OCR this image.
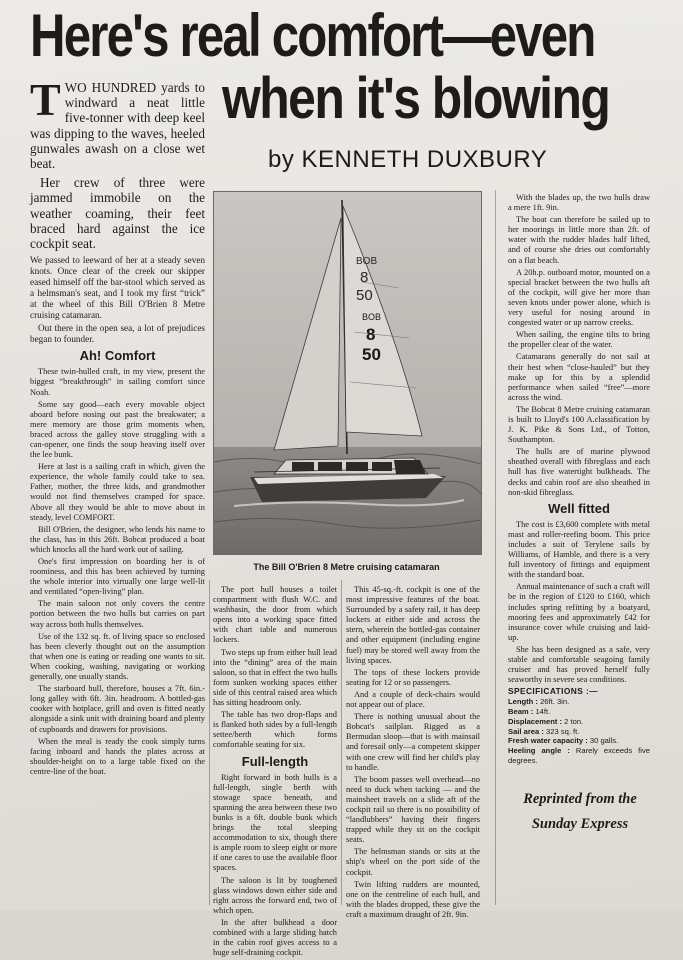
Here's real comfort—even
when it's blowing
by KENNETH DUXBURY

T WO HUNDRED yards to windward a neat little five-tonner with deep keel was dipping to the waves, heeled gunwales awash on a close wet beat.

Her crew of three were jammed immobile on the weather coaming, their feet braced hard against the ice cockpit seat.

We passed to leeward of her at a steady seven knots. Once clear of the creek our skipper eased himself off the bar-stool which served as a helmsman's seat, and I took my first “trick” at the wheel of this Bill O'Brien 8 Metre cruising catamaran.

Out there in the open sea, a lot of prejudices began to founder.

Ah! Comfort

These twin-hulled craft, in my view, present the biggest “breakthrough” in sailing comfort since Noah.

Some say good—each every movable object aboard before nosing out past the breakwater; a mere memory are those grim moments when, braced across the galley stove struggling with a can-opener, one finds the soup heaving itself over the lee bunk.

Here at last is a sailing craft in which, given the experience, the whole family could take to sea. Father, mother, the three kids, and grandmother would not find themselves cramped for space. Above all they would be able to move about in steady, level COMFORT.

Bill O'Brien, the designer, who lends his name to the class, has in this 26ft. Bobcat produced a boat which knocks all the hard work out of sailing.

One's first impression on boarding her is of roominess, and this has been achieved by turning the whole interior into virtually one large well-lit and ventilated “open-living” plan.

The main saloon not only covers the centre portion between the two hulls but carries on part way across both hulls themselves.

Use of the 132 sq. ft. of living space so enclosed has been cleverly thought out on the assumption that when one is eating or reading one wants to sit. When cooking, washing, navigating or working generally, one usually stands.

The starboard hull, therefore, houses a 7ft. 6in.-long galley with 6ft. 3in. headroom. A bottled-gas cooker with hotplace, grill and oven is fitted neatly alongside a sink unit with draining board and plenty of cupboards and drawers for provisions.

When the meal is ready the cook simply turns facing inboard and hands the plates across at shoulder-height on to a large table fixed on the centre-line of the boat.

BOB
8
50
BOB
8
50
The Bill O'Brien 8 Metre cruising catamaran

The port hull houses a toilet compartment with flush W.C. and washbasin, the door from which opens into a working space fitted with chart table and numerous lockers.

Two steps up from either hull lead into the “dining” area of the main saloon, so that in effect the two hulls form sunken working spaces either side of this central raised area which has sitting headroom only.

The table has two drop-flaps and is flanked both sides by a full-length settee/berth which forms comfortable seating for six.

Full-length

Right forward in both hulls is a full-length, single berth with stowage space beneath, and spanning the area between these two bunks is a 6ft. double bunk which brings the total sleeping accommodation to six, though there is ample room to sleep eight or more if one cares to use the available floor spaces.

The saloon is lit by toughened glass windows down either side and right across the forward end, two of which open.

In the after bulkhead a door combined with a large sliding hatch in the cabin roof gives access to a huge self-draining cockpit.

This 45-sq.-ft. cockpit is one of the most impressive features of the boat. Surrounded by a safety rail, it has deep lockers at either side and across the stern, wherein the bottled-gas container and other equipment (including engine fuel) may be stored well away from the living spaces.

The tops of these lockers provide seating for 12 or so passengers.

And a couple of deck-chairs would not appear out of place.

There is nothing unusual about the Bobcat's sailplan. Rigged as a Bermudan sloop—that is with mainsail and foresail only—a competent skipper with one crew will find her child's play to handle.

The boom passes well overhead—no need to duck when tacking — and the mainsheet travels on a slide aft of the cockpit rail so there is no possibility of “landlubbers” having their fingers trapped while they sit on the cockpit seats.

The helmsman stands or sits at the ship's wheel on the port side of the cockpit.

Twin lifting rudders are mounted, one on the centreline of each hull, and with the blades dropped, these give the craft a maximum draught of 2ft. 9in.

With the blades up, the two hulls draw a mere 1ft. 9in.

The boat can therefore be sailed up to her moorings in little more than 2ft. of water with the rudder blades half lifted, and of course she dries out comfortably on a flat beach.

A 20h.p. outboard motor, mounted on a special bracket between the two hulls aft of the cockpit, will give her more than seven knots under power alone, which is very useful for nosing around in congested water or up narrow creeks.

When sailing, the engine tilts to bring the propeller clear of the water.

Catamarans generally do not sail at their best when “close-hauled” but they make up for this by a splendid performance when sailed “free”—more across the wind.

The Bobcat 8 Metre cruising catamaran is built to Lloyd's 100 A.classification by J. K. Pike & Sons Ltd., of Totton, Southampton.

The hulls are of marine plywood sheathed overall with fibreglass and each hull has five watertight bulkheads. The decks and cabin roof are also sheathed in non-skid fibreglass.

Well fitted

The cost is £3,600 complete with metal mast and roller-reefing boom. This price includes a suit of Terylene sails by Williams, of Hamble, and there is a very full inventory of fittings and equipment with the standard boat.

Annual maintenance of such a craft will be in the region of £120 to £160, which includes spring refitting by a boatyard, mooring fees and approximately £42 for insurance cover while cruising and laid-up.

She has been designed as a safe, very stable and comfortable seagoing family cruiser and has proved herself fully seaworthy in severe sea conditions.

SPECIFICATIONS :—
Length : 26ft. 3in.
Beam : 14ft.
Displacement : 2 ton.
Sail area : 323 sq. ft.
Fresh water capacity : 30 galls.
Heeling angle : Rarely exceeds five degrees.
Reprinted from the
Sunday Express
